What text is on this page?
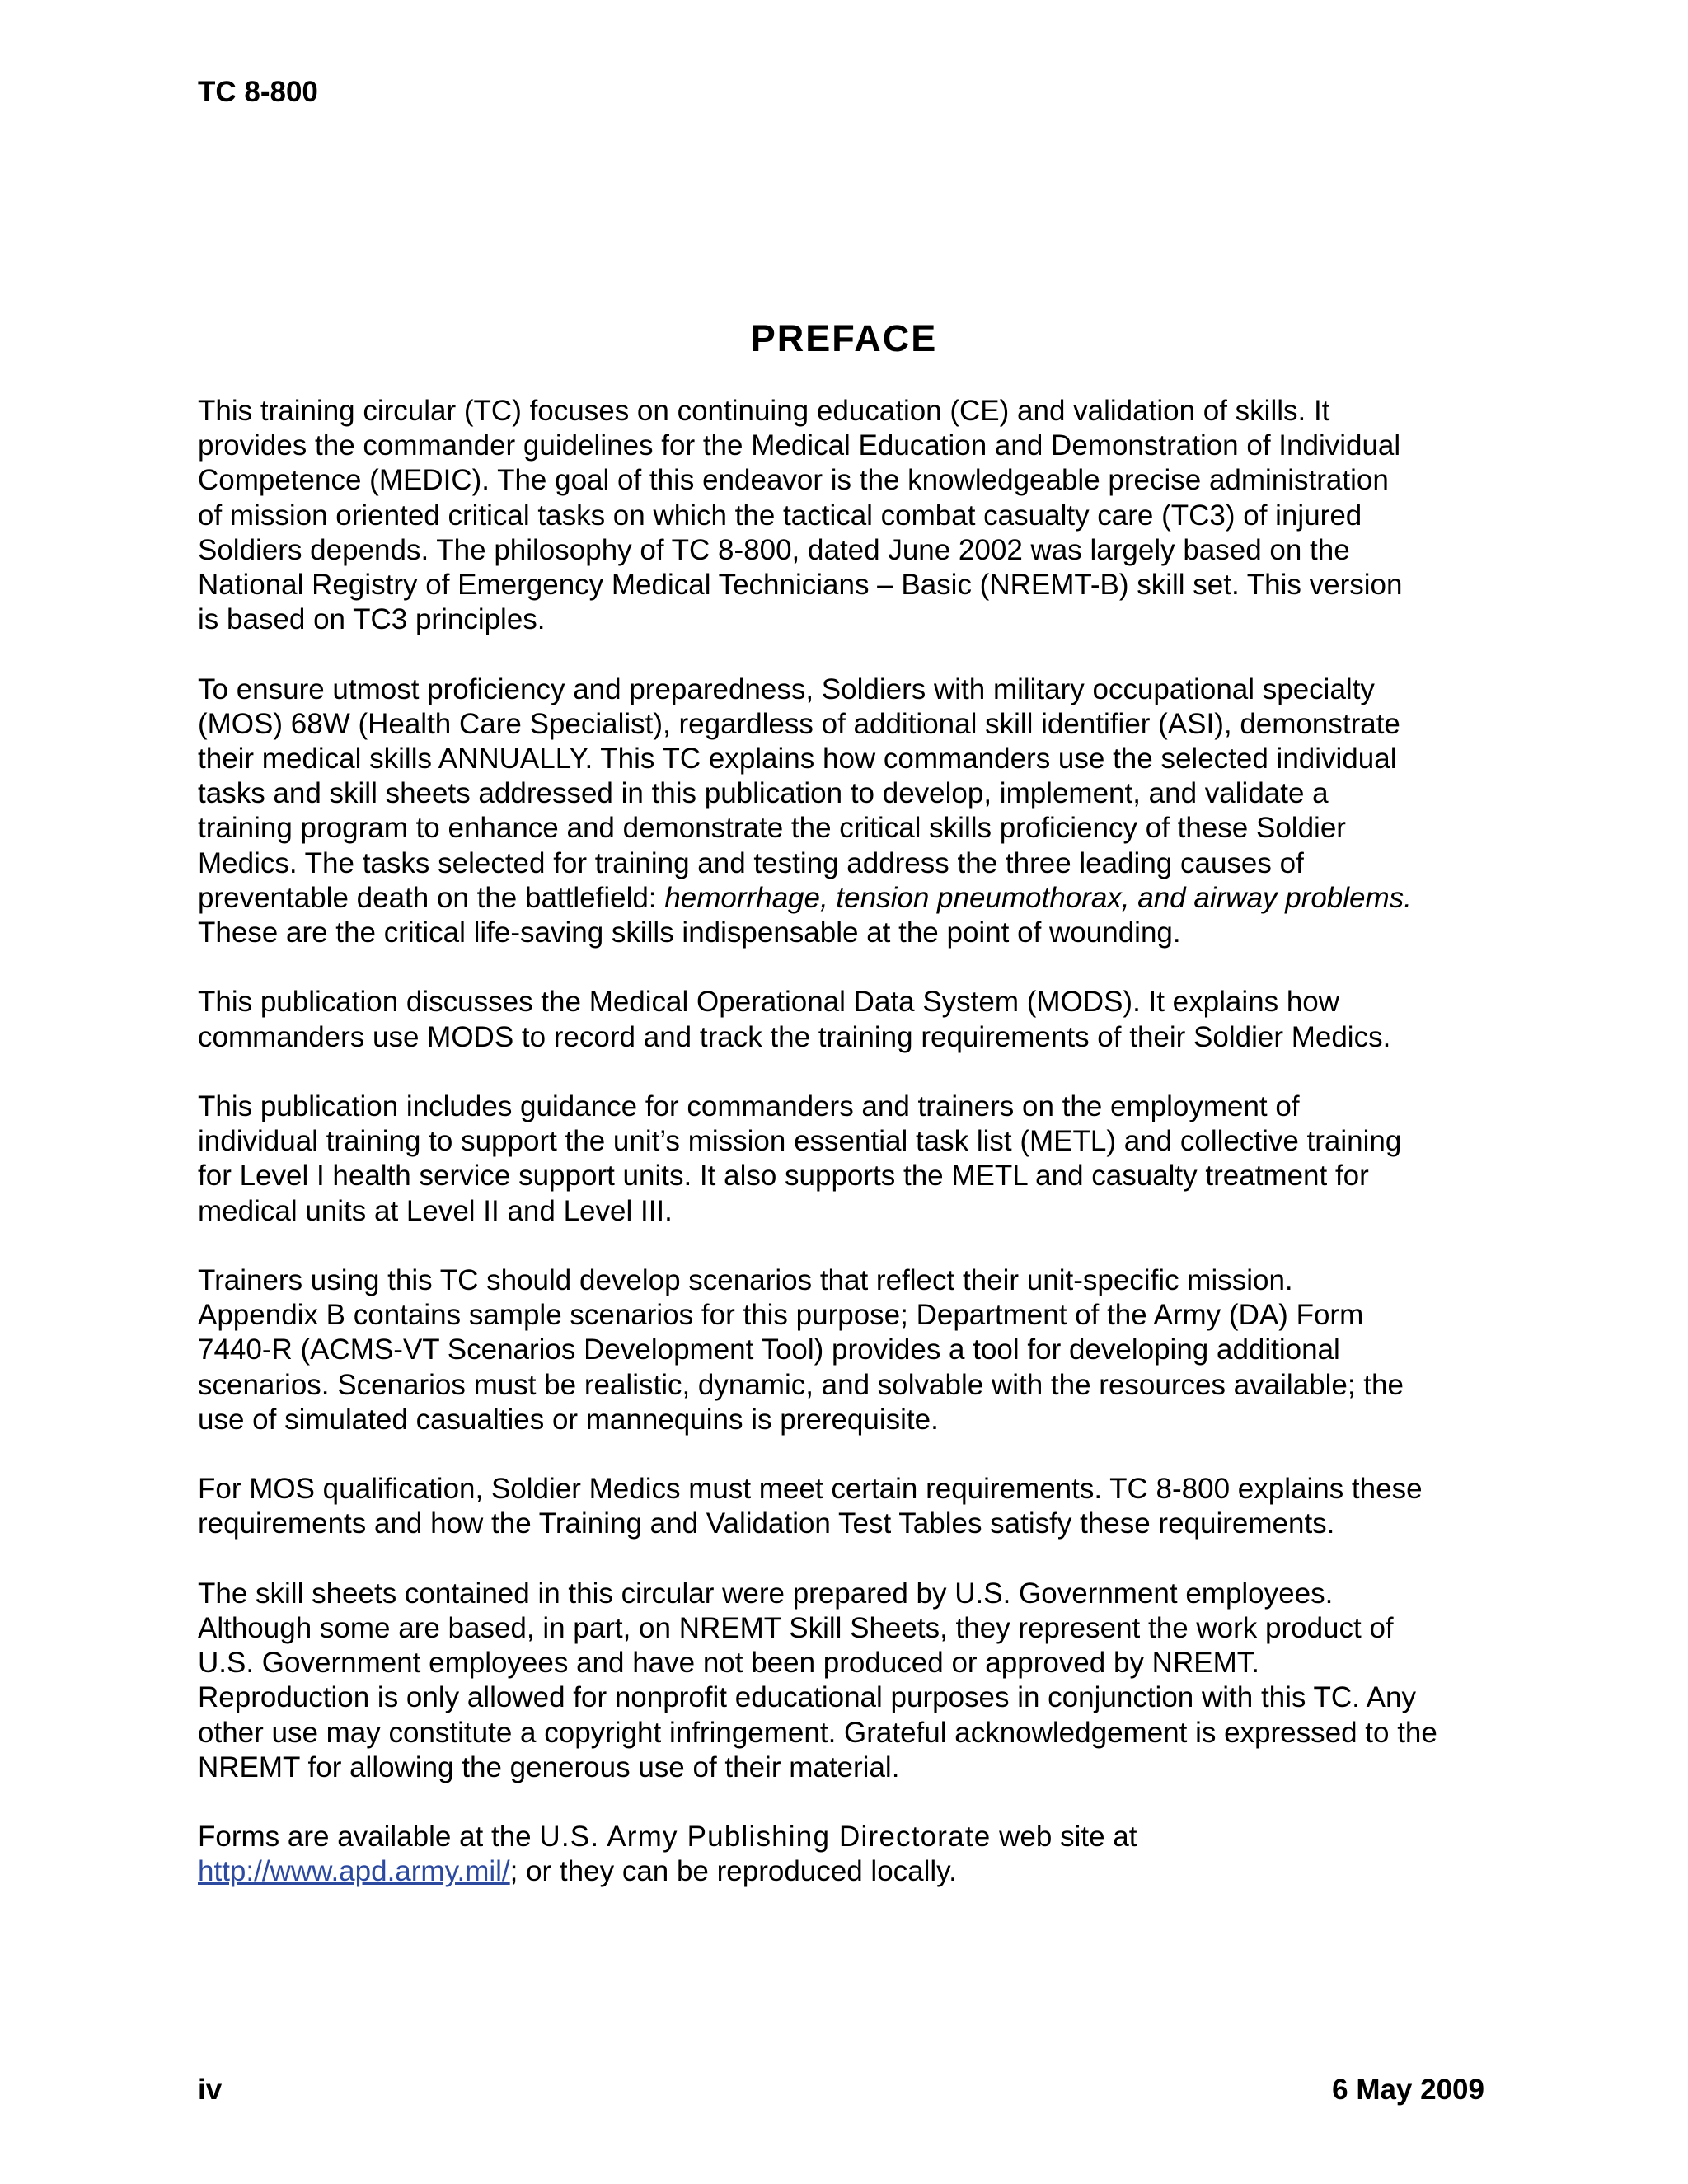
TC 8-800
PREFACE

This training circular (TC) focuses on continuing education (CE) and validation of skills. It
provides the commander guidelines for the Medical Education and Demonstration of Individual
Competence (MEDIC). The goal of this endeavor is the knowledgeable precise administration
of mission oriented critical tasks on which the tactical combat casualty care (TC3) of injured
Soldiers depends. The philosophy of TC 8-800, dated June 2002 was largely based on the
National Registry of Emergency Medical Technicians – Basic (NREMT-B) skill set. This version
is based on TC3 principles.

To ensure utmost proficiency and preparedness, Soldiers with military occupational specialty
(MOS) 68W (Health Care Specialist), regardless of additional skill identifier (ASI), demonstrate
their medical skills ANNUALLY. This TC explains how commanders use the selected individual
tasks and skill sheets addressed in this publication to develop, implement, and validate a
training program to enhance and demonstrate the critical skills proficiency of these Soldier
Medics. The tasks selected for training and testing address the three leading causes of
preventable death on the battlefield: hemorrhage, tension pneumothorax, and airway problems.
These are the critical life-saving skills indispensable at the point of wounding.

This publication discusses the Medical Operational Data System (MODS). It explains how
commanders use MODS to record and track the training requirements of their Soldier Medics.

This publication includes guidance for commanders and trainers on the employment of
individual training to support the unit’s mission essential task list (METL) and collective training
for Level I health service support units. It also supports the METL and casualty treatment for
medical units at Level II and Level III.

Trainers using this TC should develop scenarios that reflect their unit-specific mission.
Appendix B contains sample scenarios for this purpose; Department of the Army (DA) Form
7440-R (ACMS-VT Scenarios Development Tool) provides a tool for developing additional
scenarios. Scenarios must be realistic, dynamic, and solvable with the resources available; the
use of simulated casualties or mannequins is prerequisite.

For MOS qualification, Soldier Medics must meet certain requirements. TC 8-800 explains these
requirements and how the Training and Validation Test Tables satisfy these requirements.

The skill sheets contained in this circular were prepared by U.S. Government employees.
Although some are based, in part, on NREMT Skill Sheets, they represent the work product of
U.S. Government employees and have not been produced or approved by NREMT.
Reproduction is only allowed for nonprofit educational purposes in conjunction with this TC. Any
other use may constitute a copyright infringement. Grateful acknowledgement is expressed to the
NREMT for allowing the generous use of their material.

Forms are available at the U.S. Army Publishing Directorate web site at
http://www.apd.army.mil/; or they can be reproduced locally.

iv	6 May 2009
